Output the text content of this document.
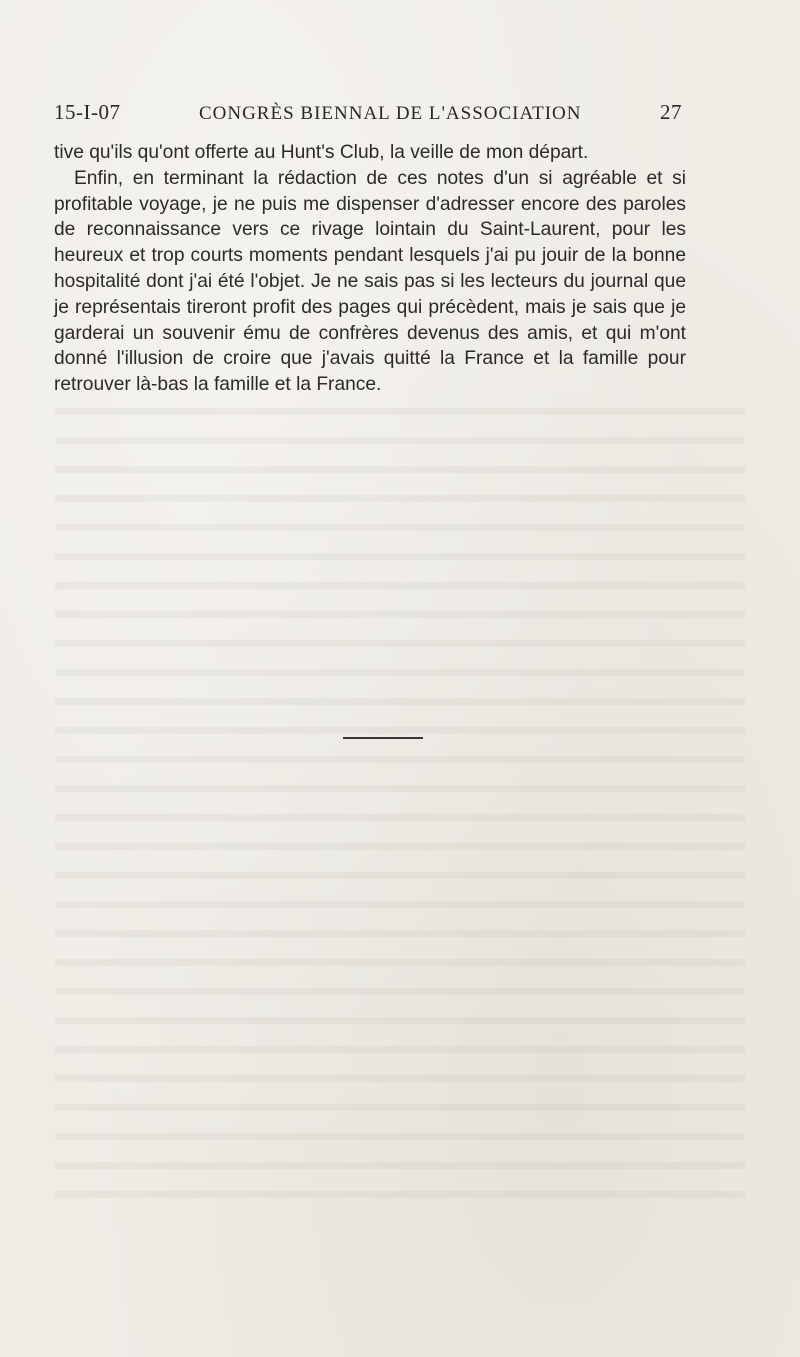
15-I-07	CONGRÈS BIENNAL DE L'ASSOCIATION	27

tive qu'ils qu'ont offerte au Hunt's Club, la veille de mon départ.

Enfin, en terminant la rédaction de ces notes d'un si agréable et si profitable voyage, je ne puis me dispenser d'adresser encore des paroles de reconnaissance vers ce rivage lointain du Saint-Laurent, pour les heureux et trop courts moments pendant lesquels j'ai pu jouir de la bonne hospitalité dont j'ai été l'objet. Je ne sais pas si les lecteurs du journal que je représentais tireront profit des pages qui précèdent, mais je sais que je garderai un souvenir ému de confrères devenus des amis, et qui m'ont donné l'illusion de croire que j'avais quitté la France et la famille pour retrouver là-bas la famille et la France.
